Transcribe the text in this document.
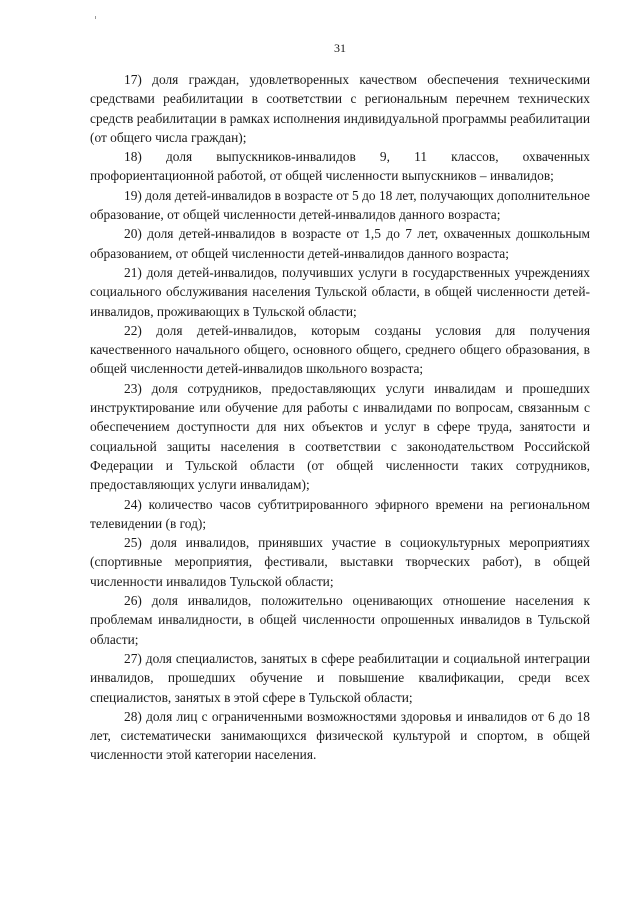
31

17) доля граждан, удовлетворенных качеством обеспечения техническими средствами реабилитации в соответствии с региональным перечнем технических средств реабилитации в рамках исполнения индивидуальной программы реабилитации (от общего числа граждан);

18) доля выпускников-инвалидов 9, 11 классов, охваченных профориентационной работой, от общей численности выпускников – инвалидов;

19) доля детей-инвалидов в возрасте от 5 до 18 лет, получающих дополнительное образование, от общей численности детей-инвалидов данного возраста;

20) доля детей-инвалидов в возрасте от 1,5 до 7 лет, охваченных дошкольным образованием, от общей численности детей-инвалидов данного возраста;

21) доля детей-инвалидов, получивших услуги в государственных учреждениях социального обслуживания населения Тульской области, в общей численности детей-инвалидов, проживающих в Тульской области;

22) доля детей-инвалидов, которым созданы условия для получения качественного начального общего, основного общего, среднего общего образования, в общей численности детей-инвалидов школьного возраста;

23) доля сотрудников, предоставляющих услуги инвалидам и прошедших инструктирование или обучение для работы с инвалидами по вопросам, связанным с обеспечением доступности для них объектов и услуг в сфере труда, занятости и социальной защиты населения в соответствии с законодательством Российской Федерации и Тульской области (от общей численности таких сотрудников, предоставляющих услуги инвалидам);

24) количество часов субтитрированного эфирного времени на региональном телевидении (в год);

25) доля инвалидов, принявших участие в социокультурных мероприятиях (спортивные мероприятия, фестивали, выставки творческих работ), в общей численности инвалидов Тульской области;

26) доля инвалидов, положительно оценивающих отношение населения к проблемам инвалидности, в общей численности опрошенных инвалидов в Тульской области;

27) доля специалистов, занятых в сфере реабилитации и социальной интеграции инвалидов, прошедших обучение и повышение квалификации, среди всех специалистов, занятых в этой сфере в Тульской области;

28) доля лиц с ограниченными возможностями здоровья и инвалидов от 6 до 18 лет, систематически занимающихся физической культурой и спортом, в общей численности этой категории населения.
